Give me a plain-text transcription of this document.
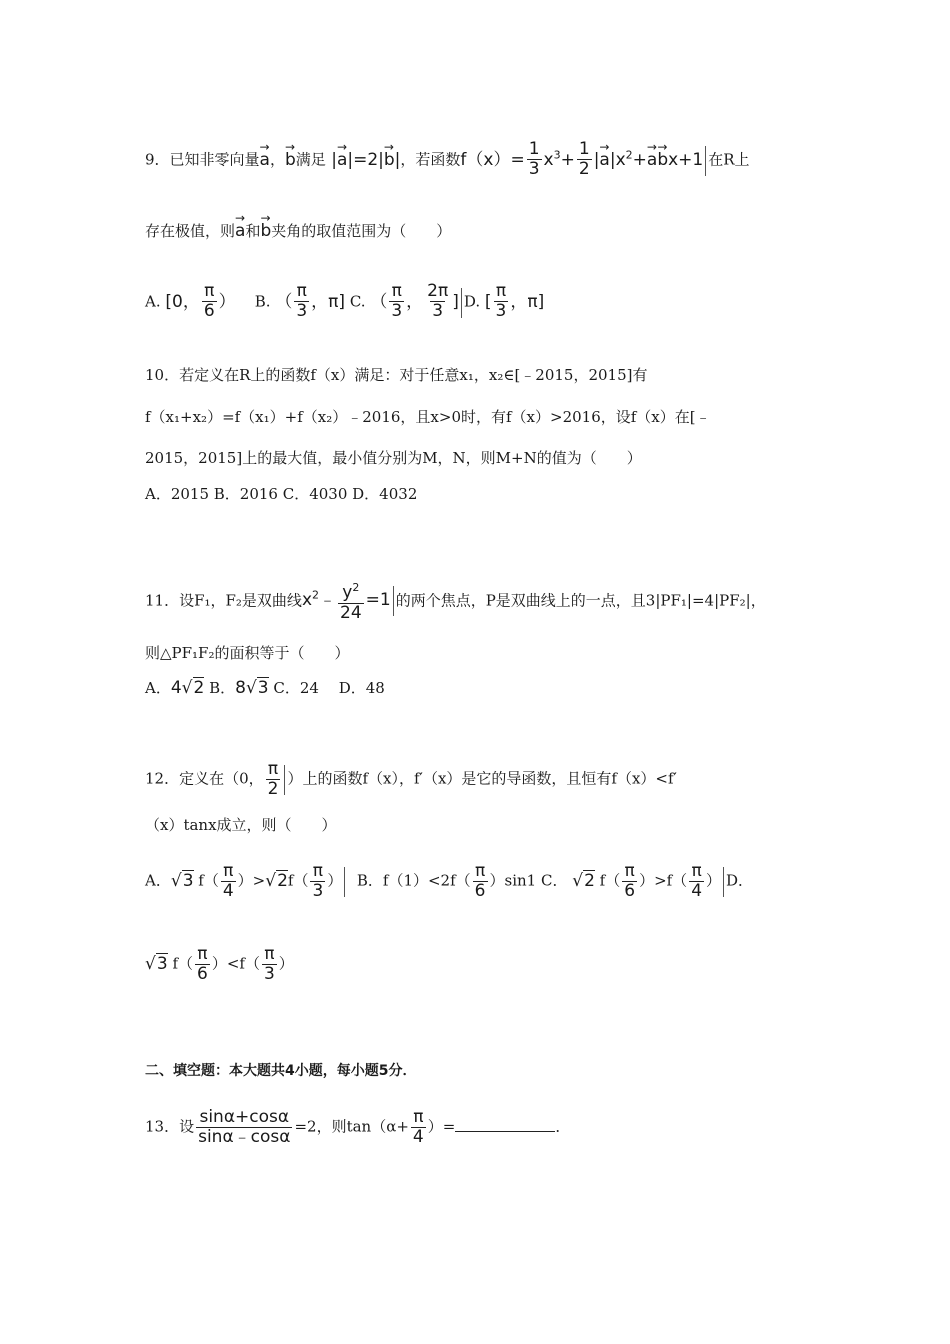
9．已知非零向量→ a，→ b满足 |→ a|=2|→ b|，若函数$f(x)= \frac{1}{3} x^3+ \frac{1}{2}$ |→ $a|x^2+\to a\to bx+1$ 在R上
存在极值，则→ a和→ b夹角的取值范围为（　　）
A. [0， $\frac{\pi}{6}$ ） B. （ $\frac{\pi}{3}$ ，π] C. （ $\frac{\pi}{3}$ ， $\frac{2\pi}{3}$ ] D. [ $\frac{\pi}{3}$ ，π]
10．若定义在R上的函数f（x）满足：对于任意x₁，x₂∈[﹣2015，2015]有
f（x₁+x₂）=f（x₁）+f（x₂）﹣2016，且x>0时，有f（x）>2016，设f（x）在[﹣
2015，2015]上的最大值，最小值分别为M，N，则M+N的值为（　　）
A．2015 B．2016 C．4030 D．4032
11．设F₁，F₂是双曲线$x^2﹣ \frac{y^2}{24} =1$ 的两个焦点，P是双曲线上的一点，且3|PF₁|=4|PF₂|，
则△PF₁F₂的面积等于（　　）
A．4√2 B．8√3 C．24　 D．48
12．定义在（0， $\frac{\pi}{2}$ ）上的函数f（x），f′（x）是它的导函数，且恒有f（x）<f′
（x）tanx成立，则（　　）
A．√3 $f( \frac{\pi}{4} )>√2f( \frac{\pi}{3}$ ） B．$f(1)<2f( \frac{\pi}{6} )\sin 1$ C． √2 $f( \frac{\pi}{6} )>f( \frac{\pi}{4}$ ） D．
√3 $f( \frac{\pi}{6} )<f( \frac{\pi}{3}$ ）
二、填空题：本大题共4小题，每小题5分．
13．设 $\frac{\sin\alpha+\cos\alpha}{\sin\alpha﹣\cos\alpha} =2$，则$\tan(\alpha+ \frac{\pi}{4}$ ）=	．
